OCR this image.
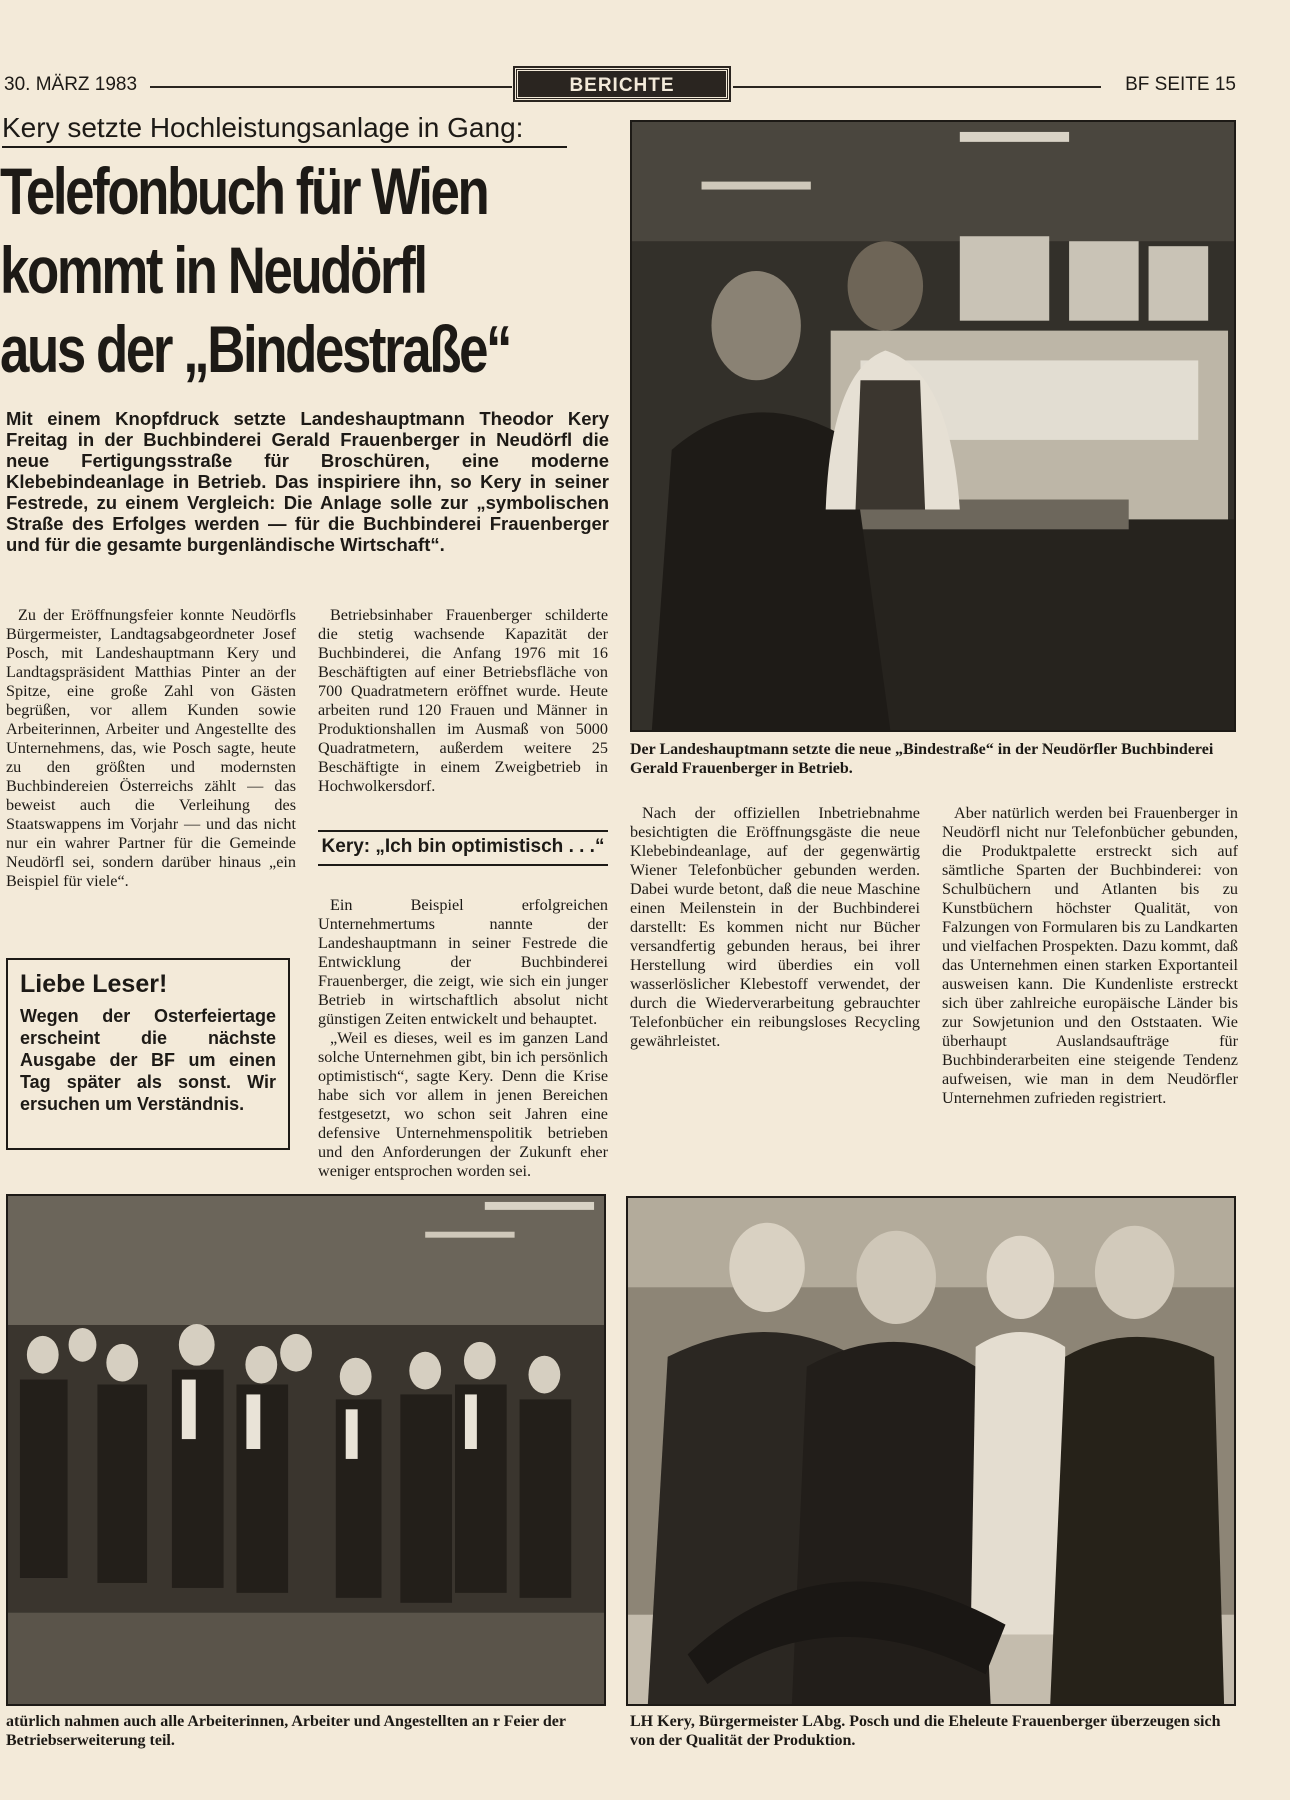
30. MÄRZ 1983	BERICHTE	BF SEITE 15
Kery setzte Hochleistungsanlage in Gang:
Telefonbuch für Wien
kommt in Neudörfl
aus der „Bindestraße“
Mit einem Knopfdruck setzte Landeshauptmann Theodor Kery Freitag in der Buchbinderei Gerald Frauenberger in Neudörfl die neue Fertigungsstraße für Broschüren, eine moderne Klebebindeanlage in Betrieb. Das inspiriere ihn, so Kery in seiner Festrede, zu einem Vergleich: Die Anlage solle zur „symbolischen Straße des Erfolges werden — für die Buchbinderei Frauenberger und für die gesamte burgenländische Wirtschaft“.
Der Landeshauptmann setzte die neue „Bindestraße“ in der Neudörfler Buchbinderei Gerald Frauenberger in Betrieb.

Zu der Eröffnungsfeier konnte Neudörfls Bürgermeister, Landtagsabgeordneter Josef Posch, mit Landeshauptmann Kery und Landtagspräsident Matthias Pinter an der Spitze, eine große Zahl von Gästen begrüßen, vor allem Kunden sowie Arbeiterinnen, Arbeiter und Angestellte des Unternehmens, das, wie Posch sagte, heute zu den größten und modernsten Buchbindereien Österreichs zählt — das beweist auch die Verleihung des Staatswappens im Vorjahr — und das nicht nur ein wahrer Partner für die Gemeinde Neudörfl sei, sondern darüber hinaus „ein Beispiel für viele“.

Betriebsinhaber Frauenberger schilderte die stetig wachsende Kapazität der Buchbinderei, die Anfang 1976 mit 16 Beschäftigten auf einer Betriebsfläche von 700 Quadratmetern eröffnet wurde. Heute arbeiten rund 120 Frauen und Männer in Produktionshallen im Ausmaß von 5000 Quadratmetern, außerdem weitere 25 Beschäftigte in einem Zweigbetrieb in Hochwolkersdorf.

Kery: „Ich bin optimistisch . . .“

Ein Beispiel erfolgreichen Unternehmertums nannte der Landeshauptmann in seiner Festrede die Entwicklung der Buchbinderei Frauenberger, die zeigt, wie sich ein junger Betrieb in wirtschaftlich absolut nicht günstigen Zeiten entwickelt und behauptet.

„Weil es dieses, weil es im ganzen Land solche Unternehmen gibt, bin ich persönlich optimistisch“, sagte Kery. Denn die Krise habe sich vor allem in jenen Bereichen festgesetzt, wo schon seit Jahren eine defensive Unternehmenspolitik betrieben und den Anforderungen der Zukunft eher weniger entsprochen worden sei.

Nach der offiziellen Inbetriebnahme besichtigten die Eröffnungsgäste die neue Klebebindeanlage, auf der gegenwärtig Wiener Telefonbücher gebunden werden. Dabei wurde betont, daß die neue Maschine einen Meilenstein in der Buchbinderei darstellt: Es kommen nicht nur Bücher versandfertig gebunden heraus, bei ihrer Herstellung wird überdies ein voll wasserlöslicher Klebestoff verwendet, der durch die Wiederverarbeitung gebrauchter Telefonbücher ein reibungsloses Recycling gewährleistet.

Aber natürlich werden bei Frauenberger in Neudörfl nicht nur Telefonbücher gebunden, die Produktpalette erstreckt sich auf sämtliche Sparten der Buchbinderei: von Schulbüchern und Atlanten bis zu Kunstbüchern höchster Qualität, von Falzungen von Formularen bis zu Landkarten und vielfachen Prospekten. Dazu kommt, daß das Unternehmen einen starken Exportanteil ausweisen kann. Die Kundenliste erstreckt sich über zahlreiche europäische Länder bis zur Sowjetunion und den Oststaaten. Wie überhaupt Auslandsaufträge für Buchbinderarbeiten eine steigende Tendenz aufweisen, wie man in dem Neudörfler Unternehmen zufrieden registriert.

Liebe Leser!
Wegen der Osterfeiertage erscheint die nächste Ausgabe der BF um einen Tag später als sonst. Wir ersuchen um Verständnis.
atürlich nahmen auch alle Arbeiterinnen, Arbeiter und Angestellten an r Feier der Betriebserweiterung teil.
LH Kery, Bürgermeister LAbg. Posch und die Eheleute Frauenberger überzeugen sich von der Qualität der Produktion.
